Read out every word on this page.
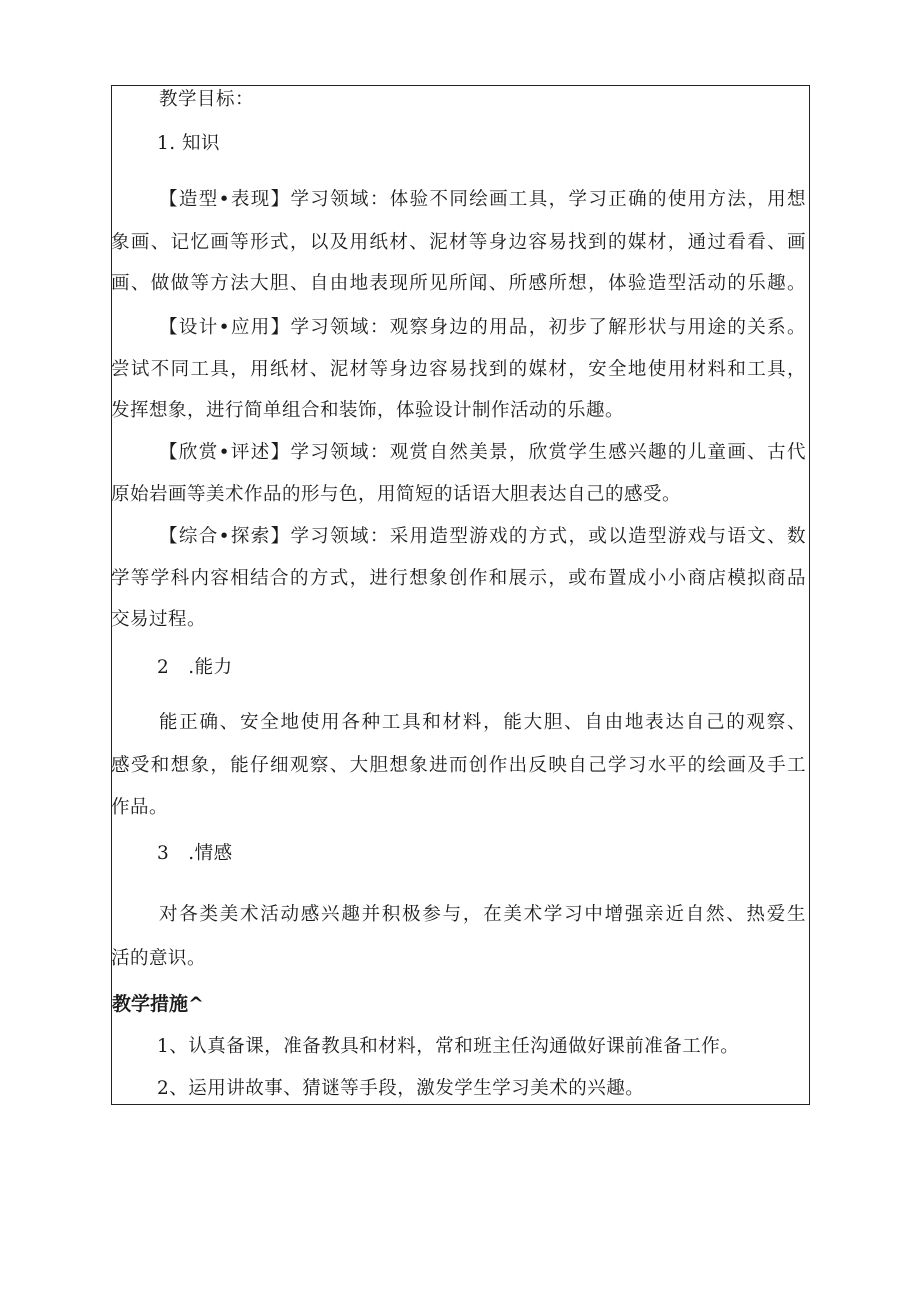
教学目标：
1. 知识
【造型•表现】学习领域：体验不同绘画工具，学习正确的使用方法，用想
象画、记忆画等形式，以及用纸材、泥材等身边容易找到的媒材，通过看看、画
画、做做等方法大胆、自由地表现所见所闻、所感所想，体验造型活动的乐趣。
【设计•应用】学习领域：观察身边的用品，初步了解形状与用途的关系。
尝试不同工具，用纸材、泥材等身边容易找到的媒材，安全地使用材料和工具，
发挥想象，进行简单组合和装饰，体验设计制作活动的乐趣。
【欣赏•评述】学习领域：观赏自然美景，欣赏学生感兴趣的儿童画、古代
原始岩画等美术作品的形与色，用简短的话语大胆表达自己的感受。
【综合•探索】学习领域：采用造型游戏的方式，或以造型游戏与语文、数
学等学科内容相结合的方式，进行想象创作和展示，或布置成小小商店模拟商品
交易过程。
2　.能力
能正确、安全地使用各种工具和材料，能大胆、自由地表达自己的观察、
感受和想象，能仔细观察、大胆想象进而创作出反映自己学习水平的绘画及手工
作品。
3　.情感
对各类美术活动感兴趣并积极参与，在美术学习中增强亲近自然、热爱生
活的意识。
教学措施^
1、认真备课，准备教具和材料，常和班主任沟通做好课前准备工作。
2、运用讲故事、猜谜等手段，激发学生学习美术的兴趣。
